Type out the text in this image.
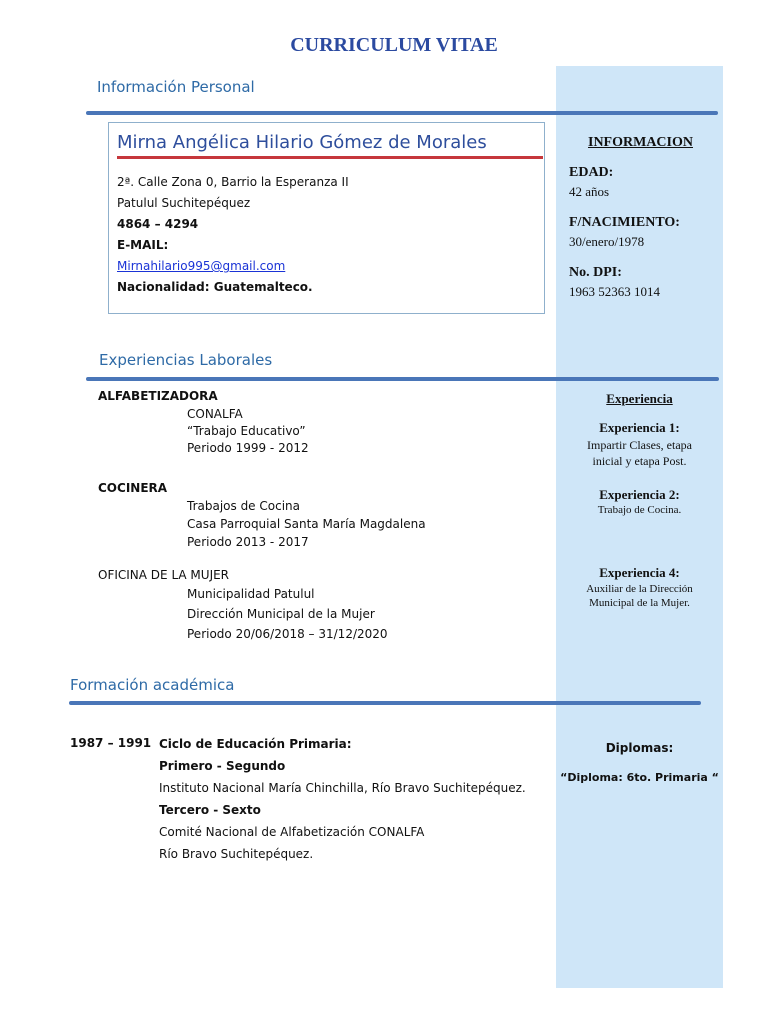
CURRICULUM VITAE
Información Personal
Mirna Angélica Hilario Gómez de Morales
2ª. Calle Zona 0, Barrio la Esperanza II
Patulul Suchitepéquez
4864 – 4294
E-MAIL:
Mirnahilario995@gmail.com
Nacionalidad: Guatemalteco.
INFORMACION
EDAD:
42 años
F/NACIMIENTO:
30/enero/1978
No. DPI:
1963 52363 1014
Experiencias Laborales
ALFABETIZADORA
CONALFA
“Trabajo Educativo”
Periodo 1999 - 2012
COCINERA
Trabajos de Cocina
Casa Parroquial Santa María Magdalena
Periodo 2013 - 2017
OFICINA DE LA MUJER
Municipalidad Patulul
Dirección Municipal de la Mujer
Periodo 20/06/2018 – 31/12/2020
Experiencia
Experiencia 1:
Impartir Clases, etapa inicial y etapa Post.
Experiencia 2:
Trabajo de Cocina.
Experiencia 4:
Auxiliar de la Dirección Municipal de la Mujer.
Formación académica
1987 – 1991 Ciclo de Educación Primaria:
Primero - Segundo
Instituto Nacional María Chinchilla, Río Bravo Suchitepéquez.
Tercero - Sexto
Comité Nacional de Alfabetización CONALFA
Río Bravo Suchitepéquez.
Diplomas:
“Diploma: 6to. Primaria “
